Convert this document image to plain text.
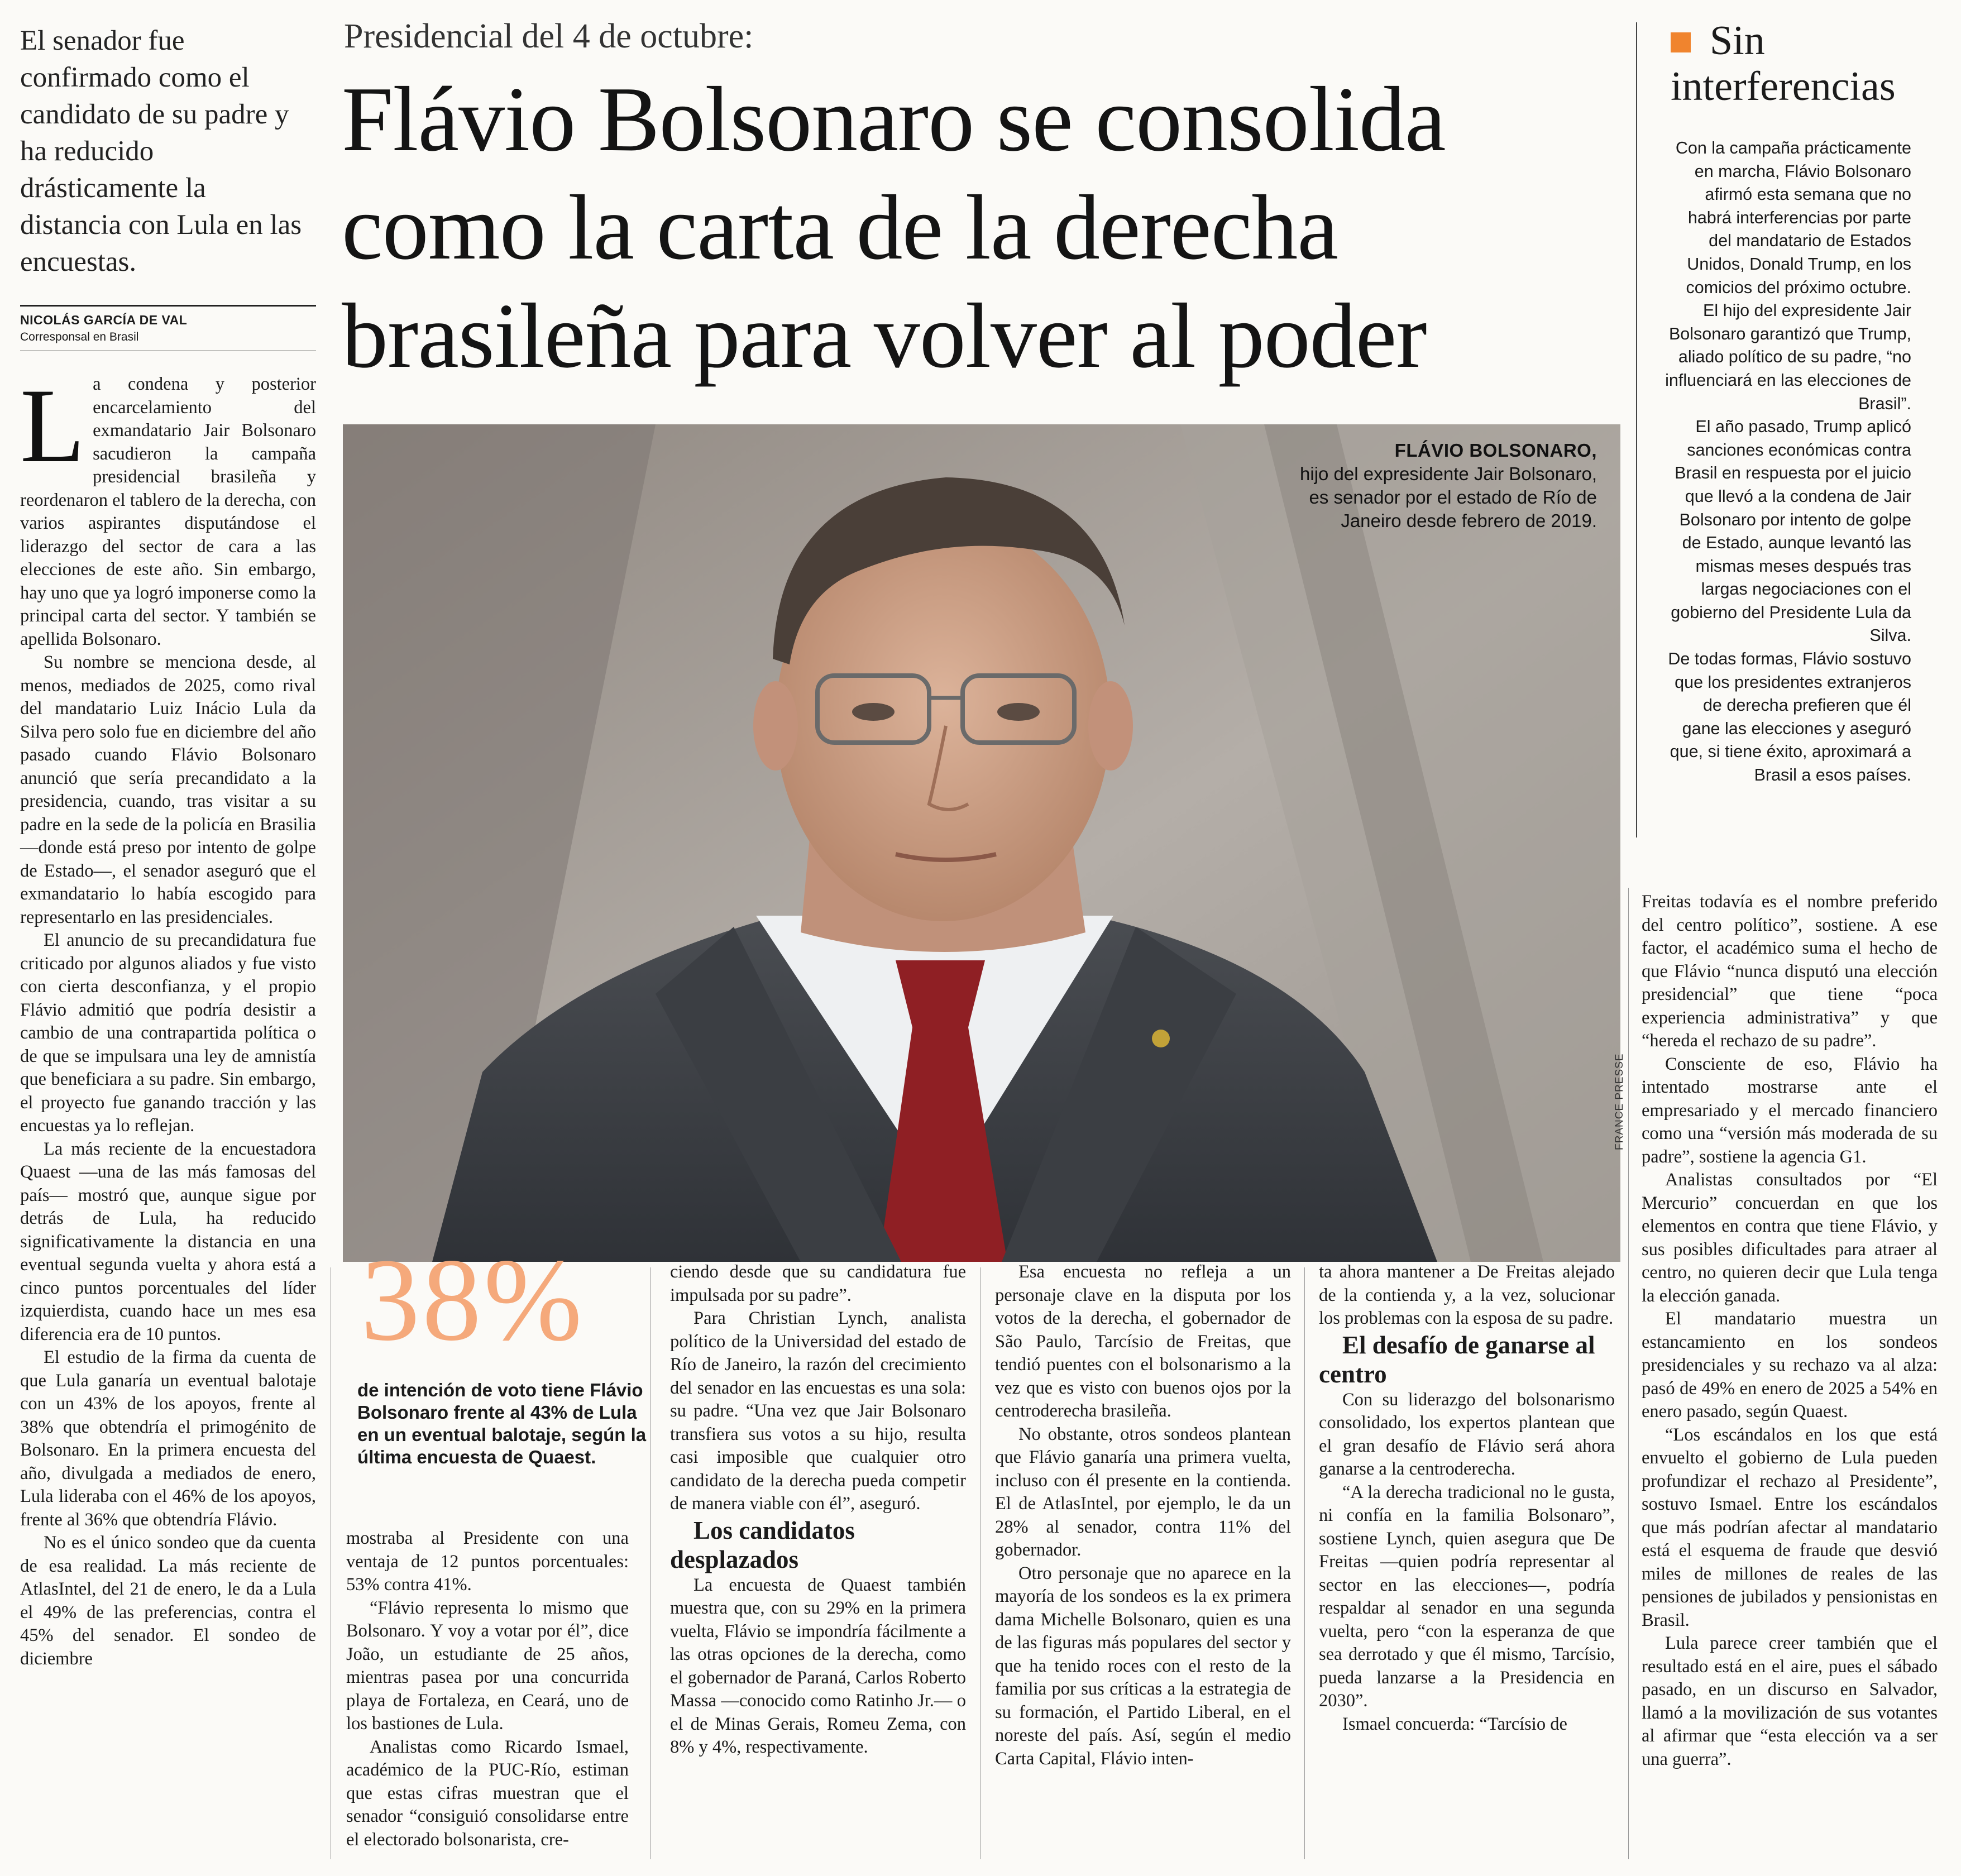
El senador fue confirmado como el candidato de su padre y ha reducido drásticamente la distancia con Lula en las encuestas.
NICOLÁS GARCÍA DE VAL
Corresponsal en Brasil
Presidencial del 4 de octubre:
Flávio Bolsonaro se consolida
como la carta de la derecha
brasileña para volver al poder
Sin
interferencias

Con la campaña prácticamente en marcha, Flávio Bolsonaro afirmó esta semana que no habrá interferencias por parte del mandatario de Estados Unidos, Donald Trump, en los comicios del próximo octubre.

El hijo del expresidente Jair Bolsonaro garantizó que Trump, aliado político de su padre, “no influenciará en las elecciones de Brasil”.

El año pasado, Trump aplicó sanciones económicas contra Brasil en respuesta por el juicio que llevó a la condena de Jair Bolsonaro por intento de golpe de Estado, aunque levantó las mismas meses después tras largas negociaciones con el gobierno del Presidente Lula da Silva.

De todas formas, Flávio sostuvo que los presidentes extranjeros de derecha prefieren que él gane las elecciones y aseguró que, si tiene éxito, aproximará a Brasil a esos países.

FLÁVIO BOLSONARO,
hijo del expresidente Jair Bolsonaro, es senador por el estado de Río de Janeiro desde febrero de 2019.
FRANCE PRESSE

La condena y posterior encarcelamiento del exmandatario Jair Bolsonaro sacudieron la campaña presidencial brasileña y reordenaron el tablero de la derecha, con varios aspirantes disputándose el liderazgo del sector de cara a las elecciones de este año. Sin embargo, hay uno que ya logró imponerse como la principal carta del sector. Y también se apellida Bolsonaro.

Su nombre se menciona desde, al menos, mediados de 2025, como rival del mandatario Luiz Inácio Lula da Silva pero solo fue en diciembre del año pasado cuando Flávio Bolsonaro anunció que sería precandidato a la presidencia, cuando, tras visitar a su padre en la sede de la policía en Brasilia —donde está preso por intento de golpe de Estado—, el senador aseguró que el exmandatario lo había escogido para representarlo en las presidenciales.

El anuncio de su precandidatura fue criticado por algunos aliados y fue visto con cierta desconfianza, y el propio Flávio admitió que podría desistir a cambio de una contrapartida política o de que se impulsara una ley de amnistía que beneficiara a su padre. Sin embargo, el proyecto fue ganando tracción y las encuestas ya lo reflejan.

La más reciente de la encuestadora Quaest —una de las más famosas del país— mostró que, aunque sigue por detrás de Lula, ha reducido significativamente la distancia en una eventual segunda vuelta y ahora está a cinco puntos porcentuales del líder izquierdista, cuando hace un mes esa diferencia era de 10 puntos.

El estudio de la firma da cuenta de que Lula ganaría un eventual balotaje con un 43% de los apoyos, frente al 38% que obtendría el primogénito de Bolsonaro. En la primera encuesta del año, divulgada a mediados de enero, Lula lideraba con el 46% de los apoyos, frente al 36% que obtendría Flávio.

No es el único sondeo que da cuenta de esa realidad. La más reciente de AtlasIntel, del 21 de enero, le da a Lula el 49% de las preferencias, contra el 45% del senador. El sondeo de diciembre

38%
de intención de voto tiene Flávio Bolsonaro frente al 43% de Lula en un eventual balotaje, según la última encuesta de Quaest.

mostraba al Presidente con una ventaja de 12 puntos porcentuales: 53% contra 41%.

“Flávio representa lo mismo que Bolsonaro. Y voy a votar por él”, dice João, un estudiante de 25 años, mientras pasea por una concurrida playa de Fortaleza, en Ceará, uno de los bastiones de Lula.

Analistas como Ricardo Ismael, académico de la PUC-Río, estiman que estas cifras muestran que el senador “consiguió consolidarse entre el electorado bolsonarista, cre-

ciendo desde que su candidatura fue impulsada por su padre”.

Para Christian Lynch, analista político de la Universidad del estado de Río de Janeiro, la razón del crecimiento del senador en las encuestas es una sola: su padre. “Una vez que Jair Bolsonaro transfiera sus votos a su hijo, resulta casi imposible que cualquier otro candidato de la derecha pueda competir de manera viable con él”, aseguró.

Los candidatos desplazados

La encuesta de Quaest también muestra que, con su 29% en la primera vuelta, Flávio se impondría fácilmente a las otras opciones de la derecha, como el gobernador de Paraná, Carlos Roberto Massa —conocido como Ratinho Jr.— o el de Minas Gerais, Romeu Zema, con 8% y 4%, respectivamente.

Esa encuesta no refleja a un personaje clave en la disputa por los votos de la derecha, el gobernador de São Paulo, Tarcísio de Freitas, que tendió puentes con el bolsonarismo a la vez que es visto con buenos ojos por la centroderecha brasileña.

No obstante, otros sondeos plantean que Flávio ganaría una primera vuelta, incluso con él presente en la contienda. El de AtlasIntel, por ejemplo, le da un 28% al senador, contra 11% del gobernador.

Otro personaje que no aparece en la mayoría de los sondeos es la ex primera dama Michelle Bolsonaro, quien es una de las figuras más populares del sector y que ha tenido roces con el resto de la familia por sus críticas a la estrategia de su formación, el Partido Liberal, en el noreste del país. Así, según el medio Carta Capital, Flávio inten-

ta ahora mantener a De Freitas alejado de la contienda y, a la vez, solucionar los problemas con la esposa de su padre.

El desafío de ganarse al centro

Con su liderazgo del bolsonarismo consolidado, los expertos plantean que el gran desafío de Flávio será ahora ganarse a la centroderecha.

“A la derecha tradicional no le gusta, ni confía en la familia Bolsonaro”, sostiene Lynch, quien asegura que De Freitas —quien podría representar al sector en las elecciones—, podría respaldar al senador en una segunda vuelta, pero “con la esperanza de que sea derrotado y que él mismo, Tarcísio, pueda lanzarse a la Presidencia en 2030”.

Ismael concuerda: “Tarcísio de

Freitas todavía es el nombre preferido del centro político”, sostiene. A ese factor, el académico suma el hecho de que Flávio “nunca disputó una elección presidencial” que tiene “poca experiencia administrativa” y que “hereda el rechazo de su padre”.

Consciente de eso, Flávio ha intentado mostrarse ante el empresariado y el mercado financiero como una “versión más moderada de su padre”, sostiene la agencia G1.

Analistas consultados por “El Mercurio” concuerdan en que los elementos en contra que tiene Flávio, y sus posibles dificultades para atraer al centro, no quieren decir que Lula tenga la elección ganada.

El mandatario muestra un estancamiento en los sondeos presidenciales y su rechazo va al alza: pasó de 49% en enero de 2025 a 54% en enero pasado, según Quaest.

“Los escándalos en los que está envuelto el gobierno de Lula pueden profundizar el rechazo al Presidente”, sostuvo Ismael. Entre los escándalos que más podrían afectar al mandatario está el esquema de fraude que desvió miles de millones de reales de las pensiones de jubilados y pensionistas en Brasil.

Lula parece creer también que el resultado está en el aire, pues el sábado pasado, en un discurso en Salvador, llamó a la movilización de sus votantes al afirmar que “esta elección va a ser una guerra”.
